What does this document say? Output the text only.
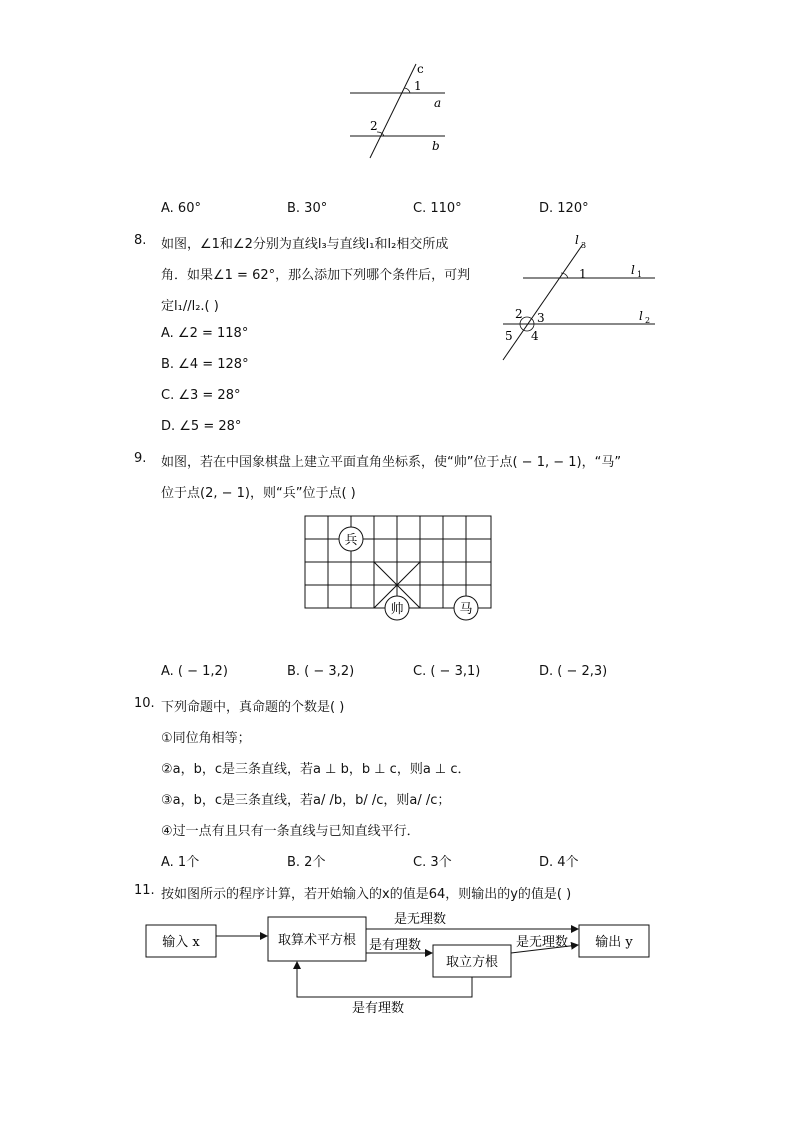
c
1
a
2
b
A. 60°	B. 30°	C. 110°	D. 120°
8. 如图，∠1和∠2分别为直线l₃与直线l₁和l₂相交所成
角．如果∠1 = 62°，那么添加下列哪个条件后，可判
定l₁//l₂.( )
A. ∠2 = 118°
B. ∠4 = 128°
C. ∠3 = 28°
D. ∠5 = 28°
l 3
l 1
l 2
1
2 3
4
5
9. 如图，若在中国象棋盘上建立平面直角坐标系，使“帅”位于点( − 1, − 1)，“马”
位于点(2, − 1)，则“兵”位于点( )
兵
帅	马
A. ( − 1,2)	B. ( − 3,2)	C. ( − 3,1)	D. ( − 2,3)
10. 下列命题中，真命题的个数是( )
①同位角相等；
②a，b，c是三条直线，若a ⊥ b，b ⊥ c，则a ⊥ c．
③a，b，c是三条直线，若a/ /b，b/ /c，则a/ /c；
④过一点有且只有一条直线与已知直线平行．
A. 1个	B. 2个	C. 3个	D. 4个
11. 按如图所示的程序计算，若开始输入的x的值是64，则输出的y的值是( )
输入 x	取算术平方根
取立方根
输出 y
是无理数
是有理数	是无理数
是有理数
